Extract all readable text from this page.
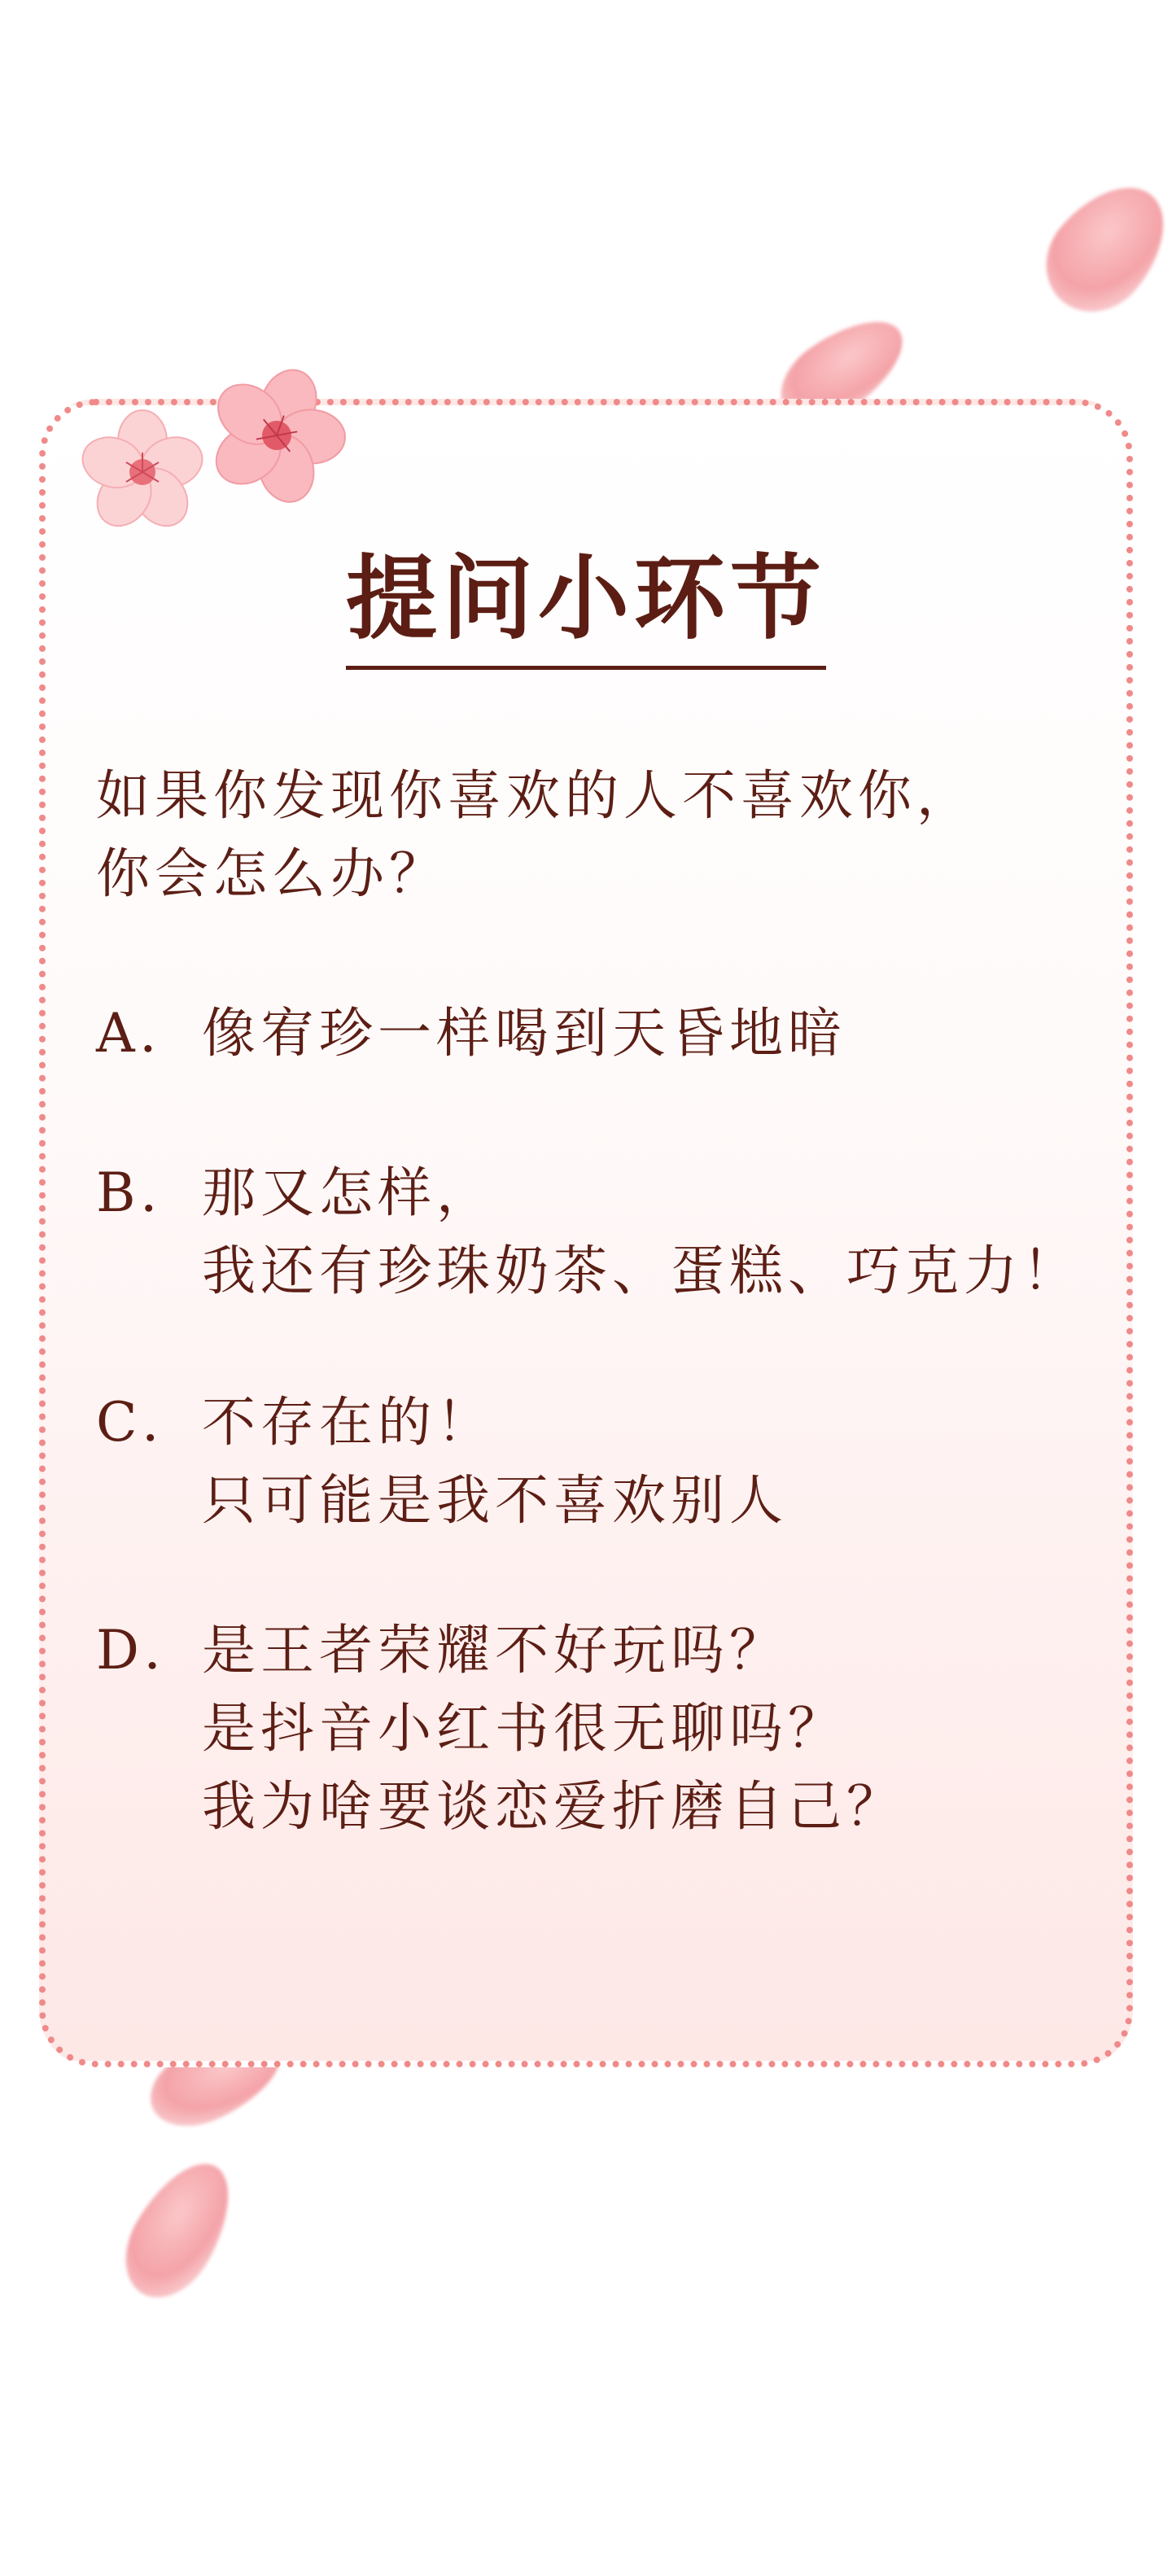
提问小环节
如果你发现你喜欢的人不喜欢你，
你会怎么办？
A． 像宥珍一样喝到天昏地暗
B． 那又怎样，
我还有珍珠奶茶、蛋糕、巧克力！
C． 不存在的！
只可能是我不喜欢别人
D． 是王者荣耀不好玩吗？
是抖音小红书很无聊吗？
我为啥要谈恋爱折磨自己？
